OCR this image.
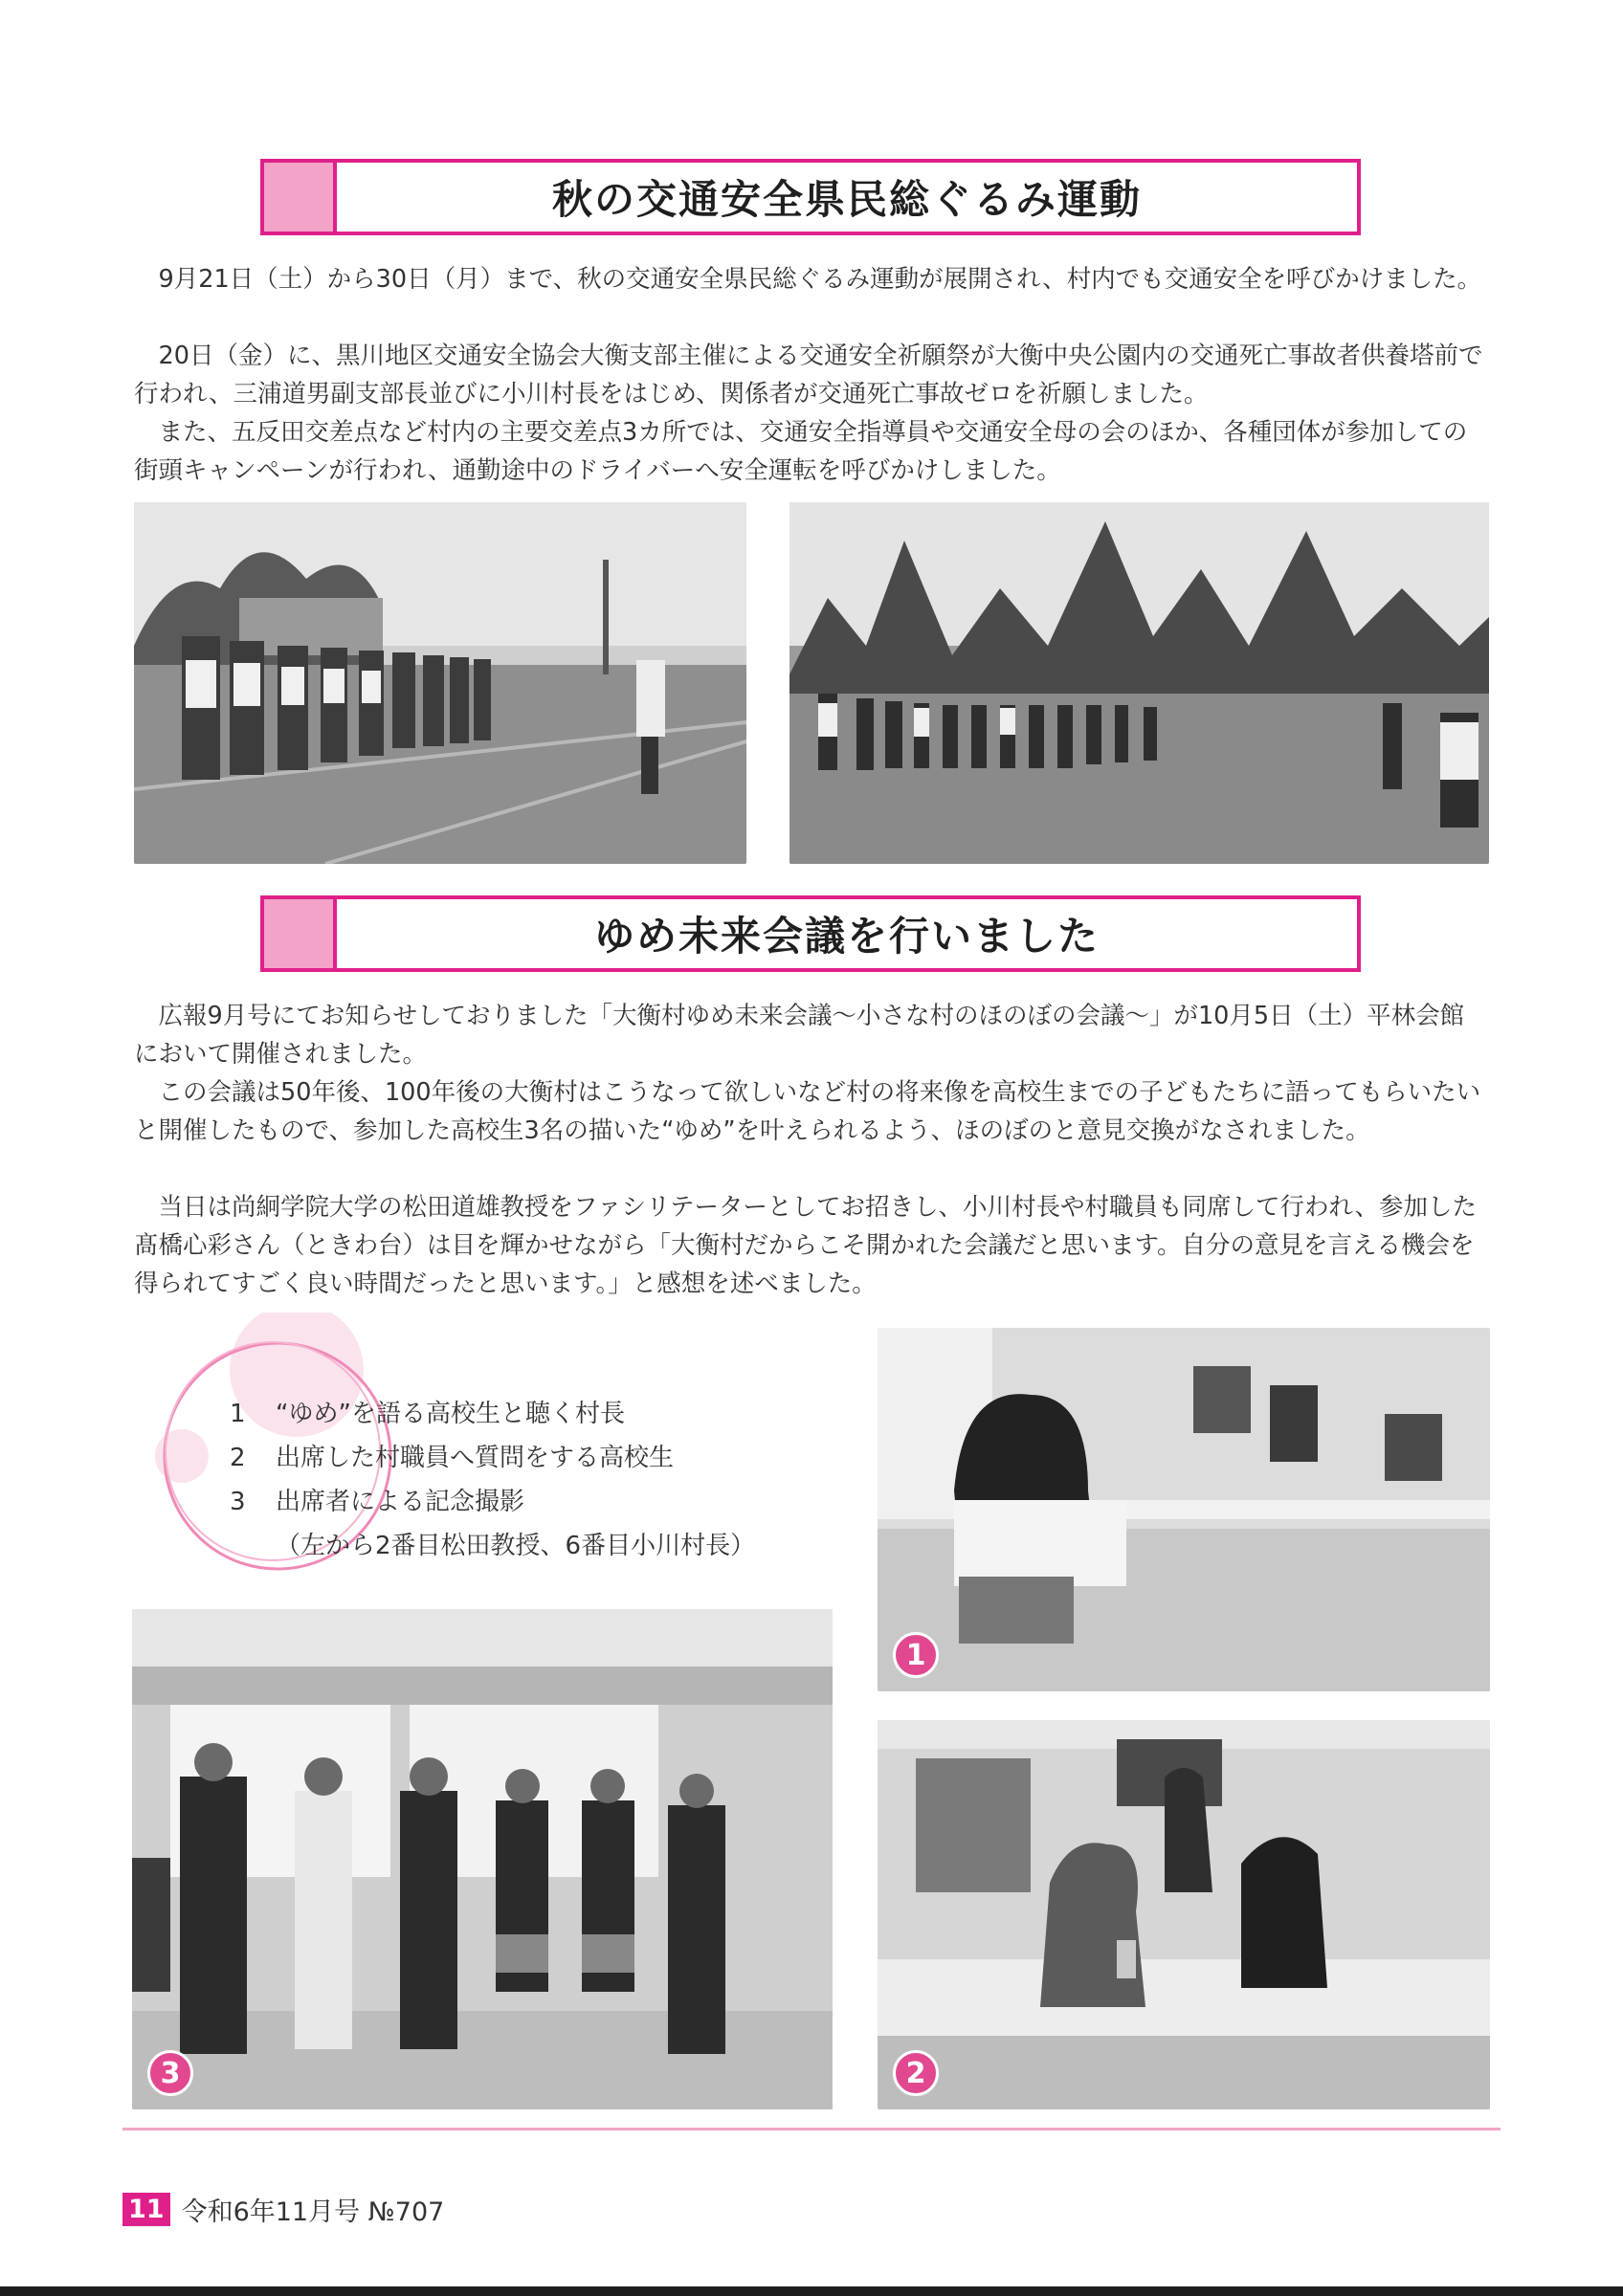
秋の交通安全県民総ぐるみ運動

9月21日（土）から30日（月）まで、秋の交通安全県民総ぐるみ運動が展開され、村内でも交通安全を呼びかけました。

20日（金）に、黒川地区交通安全協会大衡支部主催による交通安全祈願祭が大衡中央公園内の交通死亡事故者供養塔前で行われ、三浦道男副支部長並びに小川村長をはじめ、関係者が交通死亡事故ゼロを祈願しました。

また、五反田交差点など村内の主要交差点3カ所では、交通安全指導員や交通安全母の会のほか、各種団体が参加しての街頭キャンペーンが行われ、通勤途中のドライバーへ安全運転を呼びかけしました。

ゆめ未来会議を行いました

広報9月号にてお知らせしておりました「大衡村ゆめ未来会議〜小さな村のほのぼの会議〜」が10月5日（土）平林会館において開催されました。

この会議は50年後、100年後の大衡村はこうなって欲しいなど村の将来像を高校生までの子どもたちに語ってもらいたいと開催したもので、参加した高校生3名の描いた“ゆめ”を叶えられるよう、ほのぼのと意見交換がなされました。

当日は尚絅学院大学の松田道雄教授をファシリテーターとしてお招きし、小川村長や村職員も同席して行われ、参加した髙橋心彩さん（ときわ台）は目を輝かせながら「大衡村だからこそ開かれた会議だと思います。自分の意見を言える機会を得られてすごく良い時間だったと思います。」と感想を述べました。

1	“ゆめ”を語る高校生と聴く村長
2	出席した村職員へ質問をする高校生
3	出席者による記念撮影
（左から2番目松田教授、6番目小川村長）
1
3	2
11 令和6年11月号 №707
